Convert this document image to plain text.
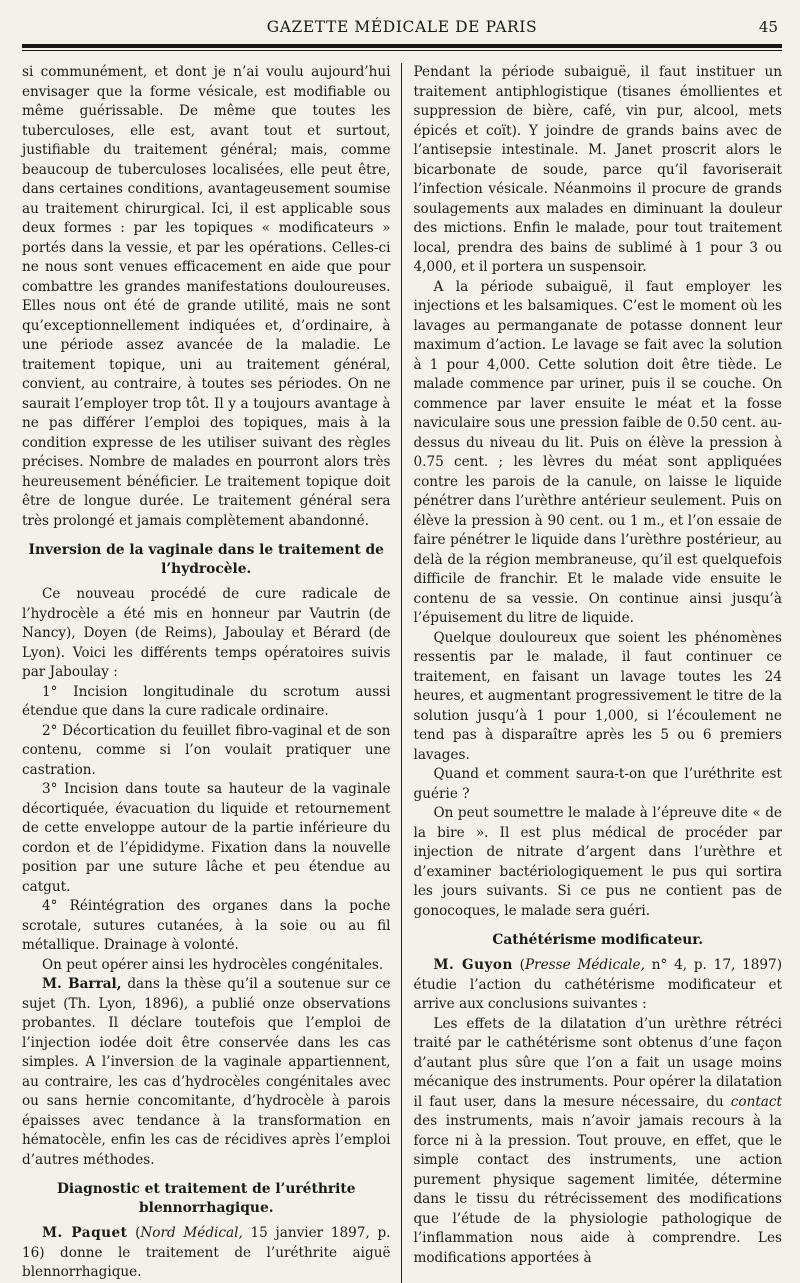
GAZETTE MÉDICALE DE PARIS	45

si communément, et dont je n’ai voulu aujourd’hui envisager que la forme vésicale, est modifiable ou même guérissable. De même que toutes les tuberculoses, elle est, avant tout et surtout, justifiable du traitement général; mais, comme beaucoup de tuberculoses localisées, elle peut être, dans certaines conditions, avantageusement soumise au traitement chirurgical. Ici, il est applicable sous deux formes : par les topiques « modificateurs » portés dans la vessie, et par les opérations. Celles-ci ne nous sont venues efficacement en aide que pour combattre les grandes manifestations douloureuses. Elles nous ont été de grande utilité, mais ne sont qu’exceptionnellement indiquées et, d’ordinaire, à une période assez avancée de la maladie. Le traitement topique, uni au traitement général, convient, au contraire, à toutes ses périodes. On ne saurait l’employer trop tôt. Il y a toujours avantage à ne pas différer l’emploi des topiques, mais à la condition expresse de les utiliser suivant des règles précises. Nombre de malades en pourront alors très heureusement bénéficier. Le traitement topique doit être de longue durée. Le traitement général sera très prolongé et jamais complètement abandonné.

Inversion de la vaginale dans le traitement de l’hydrocèle.

Ce nouveau procédé de cure radicale de l’hydrocèle a été mis en honneur par Vautrin (de Nancy), Doyen (de Reims), Jaboulay et Bérard (de Lyon). Voici les différents temps opératoires suivis par Jaboulay :

1° Incision longitudinale du scrotum aussi étendue que dans la cure radicale ordinaire.

2° Décortication du feuillet fibro-vaginal et de son contenu, comme si l’on voulait pratiquer une castration.

3° Incision dans toute sa hauteur de la vaginale décortiquée, évacuation du liquide et retournement de cette enveloppe autour de la partie inférieure du cordon et de l’épididyme. Fixation dans la nouvelle position par une suture lâche et peu étendue au catgut.

4° Réintégration des organes dans la poche scrotale, sutures cutanées, à la soie ou au fil métallique. Drainage à volonté.

On peut opérer ainsi les hydrocèles congénitales.

M. Barral, dans la thèse qu’il a soutenue sur ce sujet (Th. Lyon, 1896), a publié onze observations probantes. Il déclare toutefois que l’emploi de l’injection iodée doit être conservée dans les cas simples. A l’inversion de la vaginale appartiennent, au contraire, les cas d’hydrocèles congénitales avec ou sans hernie concomitante, d’hydrocèle à parois épaisses avec tendance à la transformation en hématocèle, enfin les cas de récidives après l’emploi d’autres méthodes.

Diagnostic et traitement de l’uréthrite blennorrhagique.

M. Paquet (Nord Médical, 15 janvier 1897, p. 16) donne le traitement de l’uréthrite aiguë blennorrhagique.

Pendant la période subaiguë, il faut instituer un traitement antiphlogistique (tisanes émollientes et suppression de bière, café, vin pur, alcool, mets épicés et coït). Y joindre de grands bains avec de l’antisepsie intestinale. M. Janet proscrit alors le bicarbonate de soude, parce qu’il favoriserait l’infection vésicale. Néanmoins il procure de grands soulagements aux malades en diminuant la douleur des mictions. Enfin le malade, pour tout traitement local, prendra des bains de sublimé à 1 pour 3 ou 4,000, et il portera un suspensoir.

A la période subaiguë, il faut employer les injections et les balsamiques. C’est le moment où les lavages au permanganate de potasse donnent leur maximum d’action. Le lavage se fait avec la solution à 1 pour 4,000. Cette solution doit être tiède. Le malade commence par uriner, puis il se couche. On commence par laver ensuite le méat et la fosse naviculaire sous une pression faible de 0.50 cent. au-dessus du niveau du lit. Puis on élève la pression à 0.75 cent. ; les lèvres du méat sont appliquées contre les parois de la canule, on laisse le liquide pénétrer dans l’urèthre antérieur seulement. Puis on élève la pression à 90 cent. ou 1 m., et l’on essaie de faire pénétrer le liquide dans l’urèthre postérieur, au delà de la région membraneuse, qu’il est quelquefois difficile de franchir. Et le malade vide ensuite le contenu de sa vessie. On continue ainsi jusqu’à l’épuisement du litre de liquide.

Quelque douloureux que soient les phénomènes ressentis par le malade, il faut continuer ce traitement, en faisant un lavage toutes les 24 heures, et augmentant progressivement le titre de la solution jusqu’à 1 pour 1,000, si l’écoulement ne tend pas à disparaître après les 5 ou 6 premiers lavages.

Quand et comment saura-t-on que l’uréthrite est guérie ?

On peut soumettre le malade à l’épreuve dite « de la bire ». Il est plus médical de procéder par injection de nitrate d’argent dans l’urèthre et d’examiner bactériologiquement le pus qui sortira les jours suivants. Si ce pus ne contient pas de gonocoques, le malade sera guéri.

Cathétérisme modificateur.

M. Guyon (Presse Médicale, n° 4, p. 17, 1897) étudie l’action du cathétérisme modificateur et arrive aux conclusions suivantes :

Les effets de la dilatation d’un urèthre rétréci traité par le cathétérisme sont obtenus d’une façon d’autant plus sûre que l’on a fait un usage moins mécanique des instruments. Pour opérer la dilatation il faut user, dans la mesure nécessaire, du contact des instruments, mais n’avoir jamais recours à la force ni à la pression. Tout prouve, en effet, que le simple contact des instruments, une action purement physique sagement limitée, détermine dans le tissu du rétrécissement des modifications que l’étude de la physiologie pathologique de l’inflammation nous aide à comprendre. Les modifications apportées à
